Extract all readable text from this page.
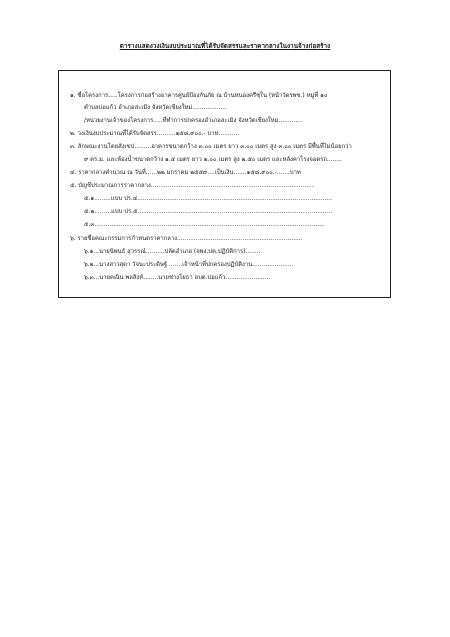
ตารางแสดงวงเงินงบประมาณที่ได้รับจัดสรรและราคากลางในงานจ้างก่อสร้าง
๑. ชื่อโครงการ.....โครงการก่อสร้างอาคารศูนย์ป้องกันภัย ณ บ้านหนองครึซุใน (หน้าวัดรพช.) หมู่ที่ ๑๐
ตำบลบ่อแก้ว อำเภอสะเมิง จังหวัดเชียงใหม่..................
/หน่วยงานเจ้าของโครงการ.....ที่ทำการปกครองอำเภอสะเมิง จังหวัดเชียงใหม่.............
๒. วงเงินงบประมาณที่ได้รับจัดสรร..........๑๕๘,๙๐๐.- บาท...........
๓. ลักษณะงานโดยสังเขป.........อาคารขนาดกว้าง ๓.๐๐ เมตร ยาว ๓.๐๐ เมตร สูง ๓.๐๐ เมตร มีพื้นที่ไม่น้อยกว่า
๙ ตร.ม. และห้องน้ำขนาดกว้าง ๑.๕ เมตร ยาว ๒.๐๐ เมตร สูง ๒.๕๐ เมตร และหลังคาโรงจอดรถ........
๔. ราคากลางคำนวณ ณ วันที่......๒๒ มกราคม ๒๕๕๙....เป็นเงิน.......๑๕๘,๙๐๐.-.......บาท
๕. บัญชีประมาณการราคากลาง.......................................................................................
๕.๑.........แบบ ปร.๔........................................................................................................
๕.๒.........แบบ ปร.๕........................................................................................................
๕.๓...........................................................................................................................
๖. รายชื่อคณะกรรมการกำหนดราคากลาง...................................................................
๖.๑...นายนิพนธ์ สุวรรณ์..........ปลัดอำเภอ (จพง.ปค.ปฏิบัติการ)........
๖.๒...นางสาวสุดา วัจนะประดิษฐ์ .......เจ้าหน้าที่ปกครองปฏิบัติงาน......................
๖.๓...นายคณิน พลสิงห์........นายช่างโยธา อบต.บ่อแก้ว........................
